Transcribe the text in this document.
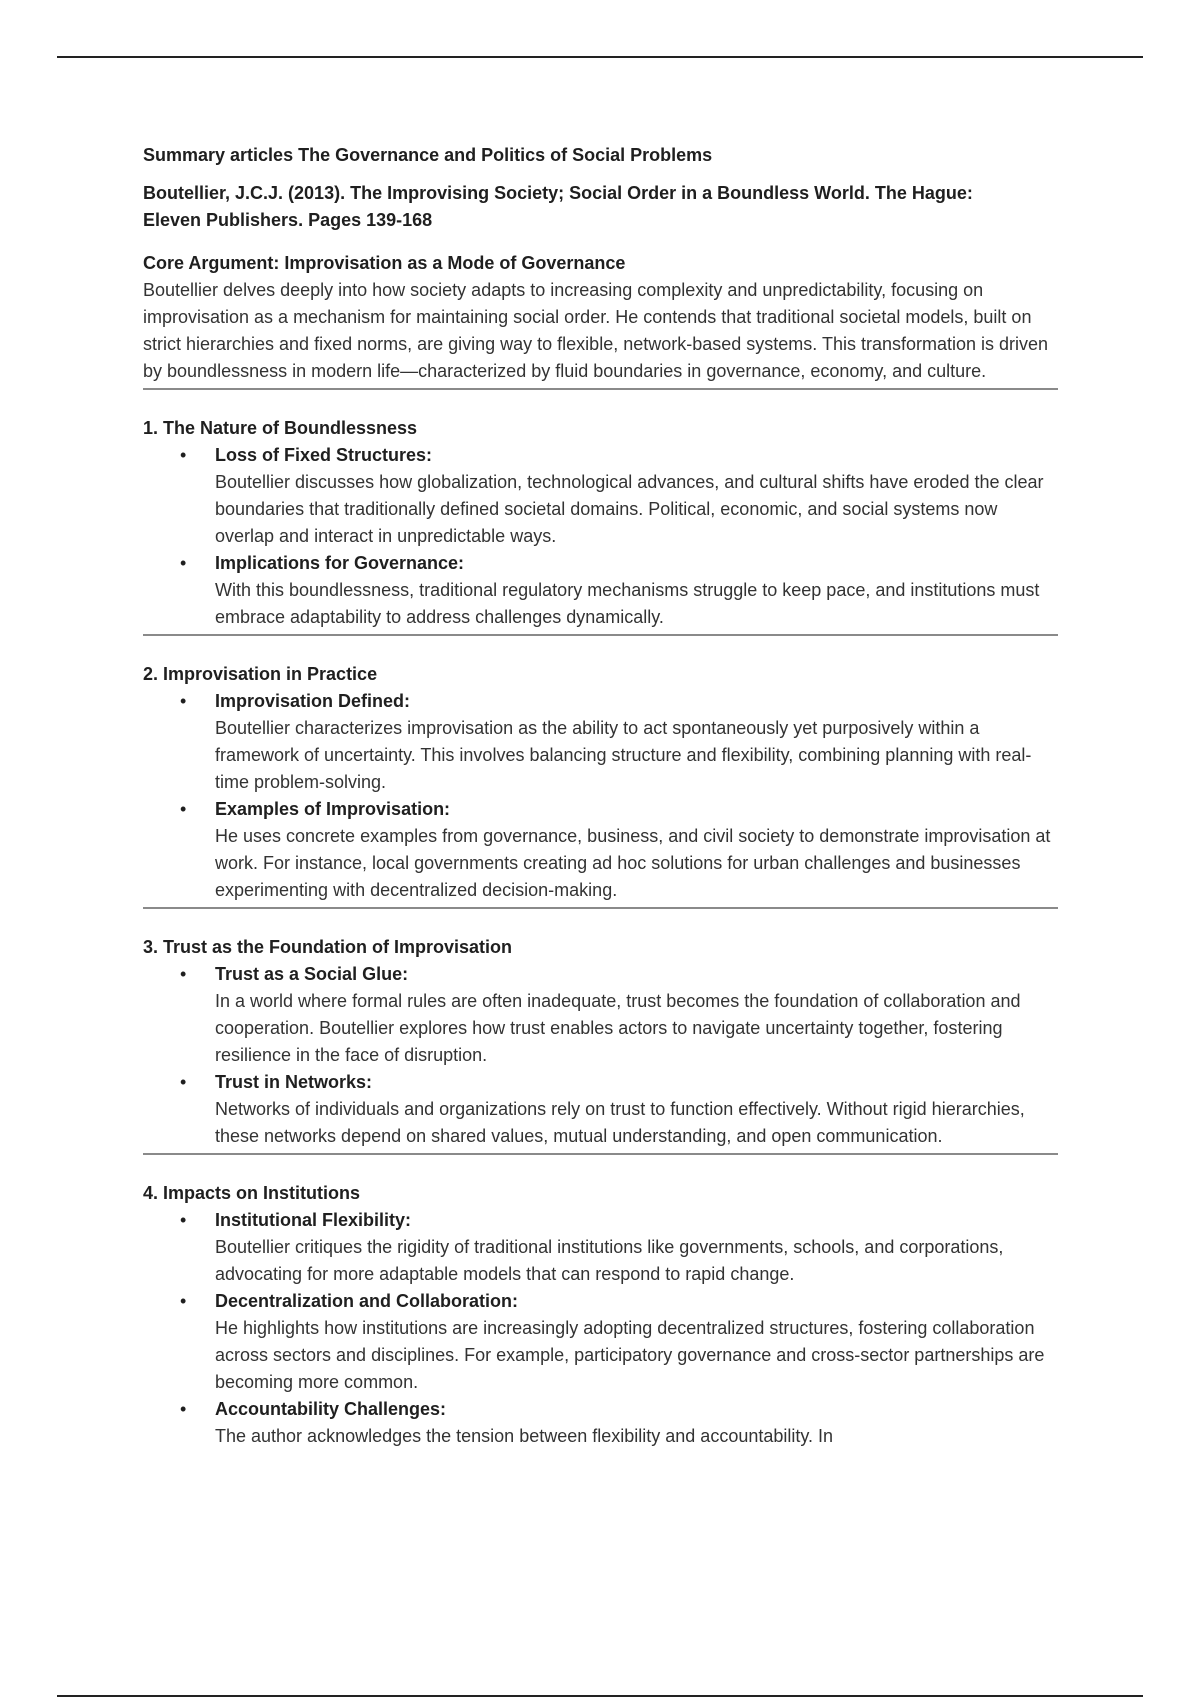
Summary articles The Governance and Politics of Social Problems

Boutellier, J.C.J. (2013). The Improvising Society; Social Order in a Boundless World. The Hague:
Eleven Publishers. Pages 139-168

Core Argument: Improvisation as a Mode of Governance

Boutellier delves deeply into how society adapts to increasing complexity and unpredictability, focusing on improvisation as a mechanism for maintaining social order. He contends that traditional societal models, built on strict hierarchies and fixed norms, are giving way to flexible, network-based systems. This transformation is driven by boundlessness in modern life—characterized by fluid boundaries in governance, economy, and culture.

1. The Nature of Boundlessness

• Loss of Fixed Structures:

Boutellier discusses how globalization, technological advances, and cultural shifts have eroded the clear boundaries that traditionally defined societal domains. Political, economic, and social systems now overlap and interact in unpredictable ways.

• Implications for Governance:

With this boundlessness, traditional regulatory mechanisms struggle to keep pace, and institutions must embrace adaptability to address challenges dynamically.

2. Improvisation in Practice

• Improvisation Defined:

Boutellier characterizes improvisation as the ability to act spontaneously yet purposively within a framework of uncertainty. This involves balancing structure and flexibility, combining planning with real-time problem-solving.

• Examples of Improvisation:

He uses concrete examples from governance, business, and civil society to demonstrate improvisation at work. For instance, local governments creating ad hoc solutions for urban challenges and businesses experimenting with decentralized decision-making.

3. Trust as the Foundation of Improvisation

• Trust as a Social Glue:

In a world where formal rules are often inadequate, trust becomes the foundation of collaboration and cooperation. Boutellier explores how trust enables actors to navigate uncertainty together, fostering resilience in the face of disruption.

• Trust in Networks:

Networks of individuals and organizations rely on trust to function effectively. Without rigid hierarchies, these networks depend on shared values, mutual understanding, and open communication.

4. Impacts on Institutions

• Institutional Flexibility:

Boutellier critiques the rigidity of traditional institutions like governments, schools, and corporations, advocating for more adaptable models that can respond to rapid change.

• Decentralization and Collaboration:

He highlights how institutions are increasingly adopting decentralized structures, fostering collaboration across sectors and disciplines. For example, participatory governance and cross-sector partnerships are becoming more common.

• Accountability Challenges:

The author acknowledges the tension between flexibility and accountability. In
